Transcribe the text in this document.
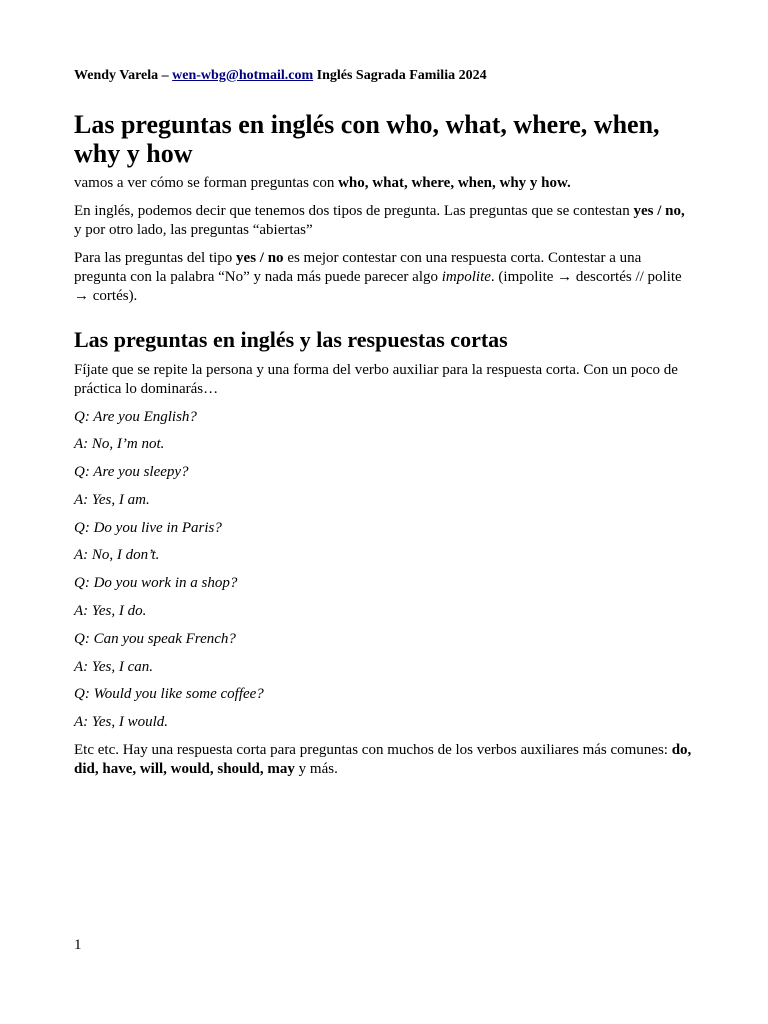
Wendy Varela – wen-wbg@hotmail.com Inglés Sagrada Familia 2024
Las preguntas en inglés con who, what, where, when, why y how

vamos a ver cómo se forman preguntas con who, what, where, when, why y how.

En inglés, podemos decir que tenemos dos tipos de pregunta. Las preguntas que se contestan yes / no, y por otro lado, las preguntas “abiertas”

Para las preguntas del tipo yes / no es mejor contestar con una respuesta corta. Contestar a una pregunta con la palabra “No” y nada más puede parecer algo impolite. (impolite → descortés // polite → cortés).

Las preguntas en inglés y las respuestas cortas

Fíjate que se repite la persona y una forma del verbo auxiliar para la respuesta corta. Con un poco de práctica lo dominarás…

Q: Are you English?
A: No, I’m not.
Q: Are you sleepy?
A: Yes, I am.
Q: Do you live in Paris?
A: No, I don’t.
Q: Do you work in a shop?
A: Yes, I do.
Q: Can you speak French?
A: Yes, I can.
Q: Would you like some coffee?
A: Yes, I would.

Etc etc. Hay una respuesta corta para preguntas con muchos de los verbos auxiliares más comunes: do, did, have, will, would, should, may y más.

1
